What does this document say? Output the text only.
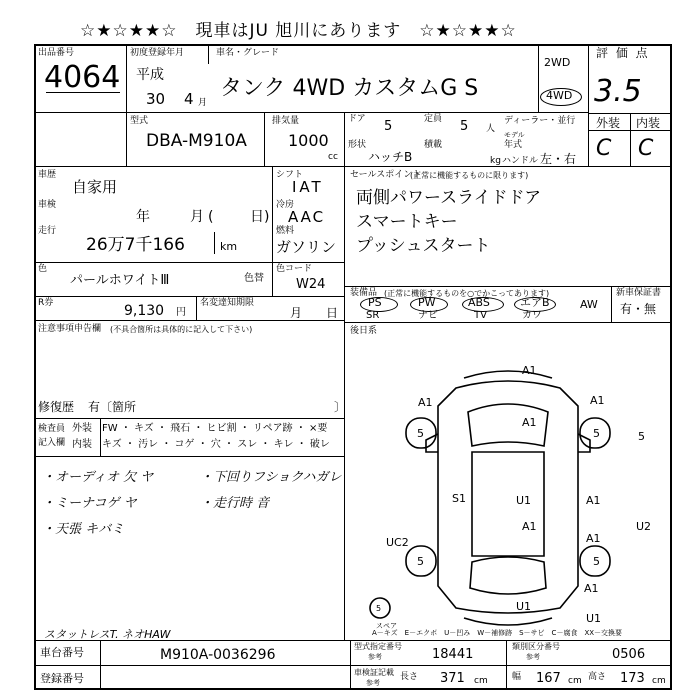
☆★☆★★☆　現車はJU 旭川にあります　☆★☆★★☆
出品番号
4064
初度登録年月
平成
30 4 月
車名・グレード
タンク 4WD カスタムG S
2WD
4WD
評 価 点
3.5
外装 内装
C C
型式
DBA-M910A
排気量
1000
cc
ドア 5	定員 5 人
ディーラー・並行
モデル
年式
形状
ハッチB
積載
kg ハンドル 左・右
車歴
自家用
車検
年	月 (	日)
走行
26万7千166	km
シフト
IAT
冷房
AAC
燃料
ガソリン
色
パールホワイトⅢ	色替
色コード
W24
R券	9,130 円
名変達知期限
月 日
注意事項申告欄 (不具合箇所は具体的に記入して下さい)
修復歴 有〔箇所	〕
セールスポイント
(正常に機能するものに限ります)
両側パワースライドドア
スマートキー
プッシュスタート
装備品 (正常に機能するものを○でかこってあります)
PS
SR
PW
ナビ
ABS
TV
エアB
カワ
AW
新車保証書
有・無
後日系
検査員
記入欄
外装 FW ・ キズ ・ 飛石 ・ ヒビ割 ・ リペア跡 ・ ×要
内装 キズ ・ 汚レ ・ コゲ ・ 穴 ・ スレ ・ キレ ・ 破レ
・オーディオ 欠 ヤ
・ミーナコゲ ヤ
・天張 キバミ
・下回りフショクハガレ
・走行時 音
スタットレスT. ネオHAW
A1
A1	A1
A1
A1
A1
A1
A1
S1	U1
U1
U1
UC2
U2
5	5
5	5
5
5
スペア
A－キズ　E－エクボ　U－凹み　W－補修跡　S－サビ　C－腐食　XX－交換要
車台番号	M910A-0036296
登録番号
型式指定番号
参考	18441
類別区分番号
参考	0506
車検証記載
参考
長さ 371 cm	幅 167 cm 高さ 173 cm
